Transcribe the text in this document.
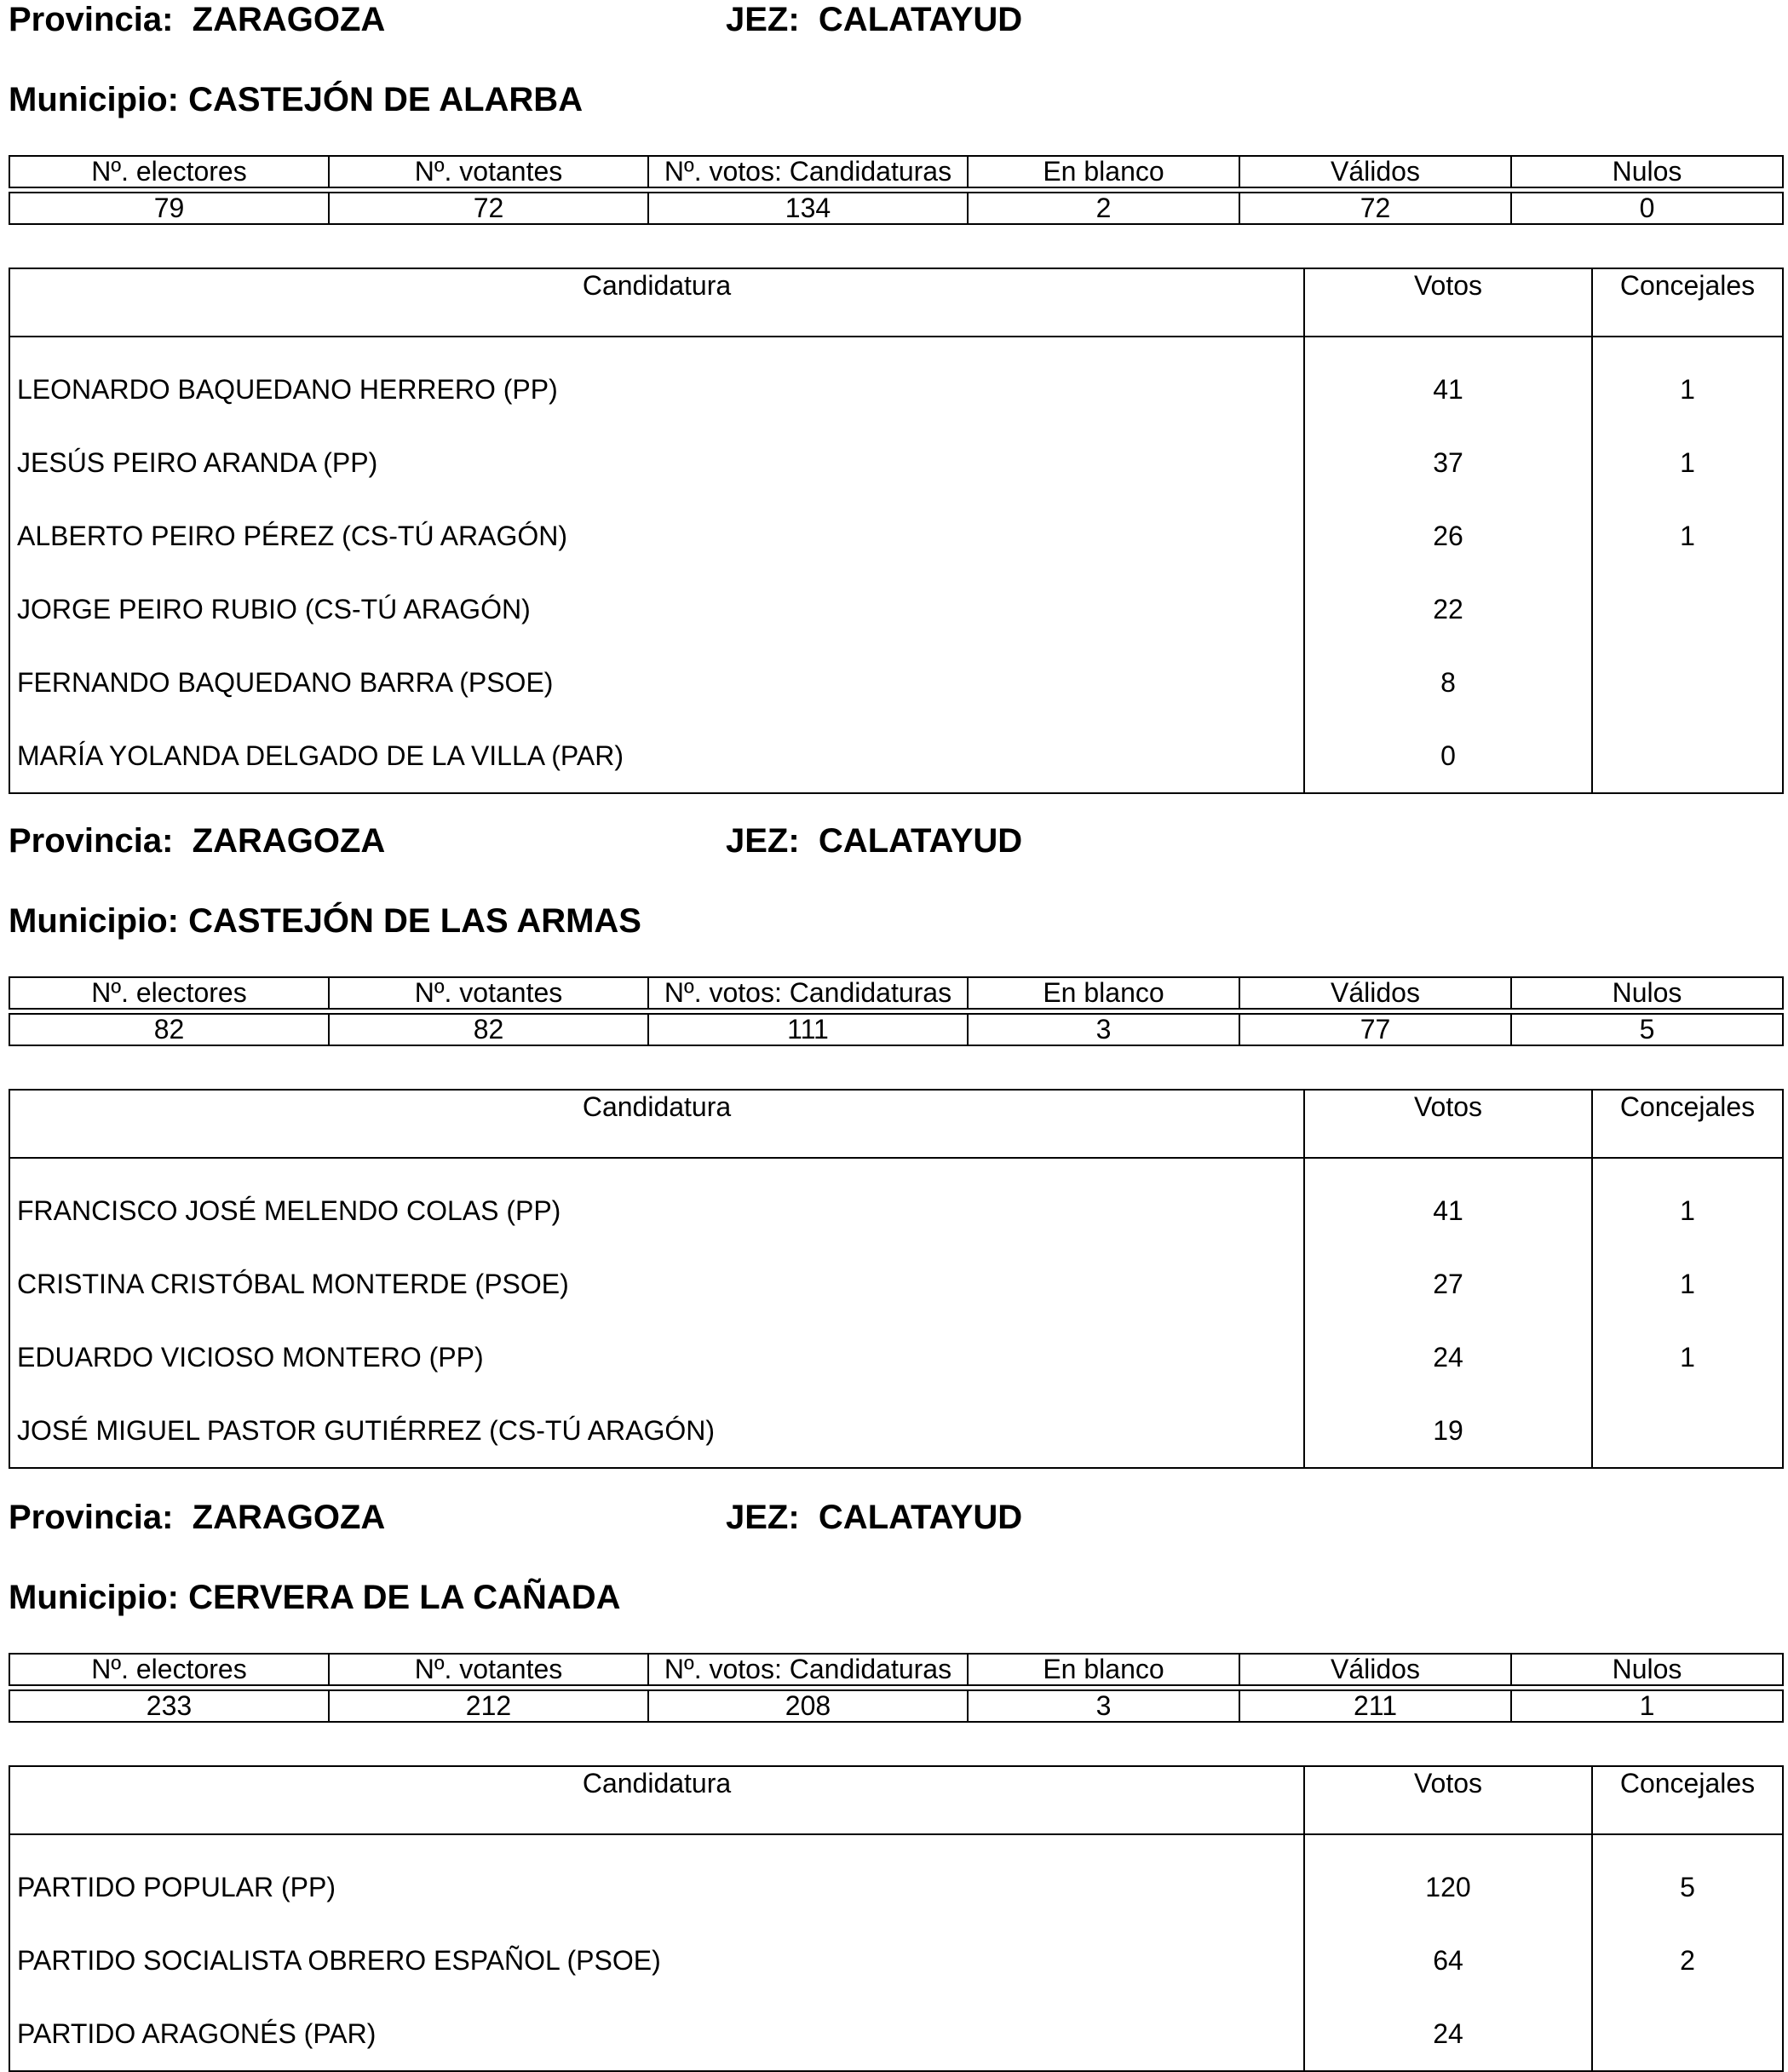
Provincia: ZARAGOZA	JEZ: CALATAYUD
Municipio: CASTEJÓN DE ALARBA
Nº. electores	Nº. votantes	Nº. votos: Candidaturas	En blanco	Válidos	Nulos

79	72	134	2	72	0
Candidatura	Votos	Concejales

LEONARDO BAQUEDANO HERRERO (PP)	41	1
JESÚS PEIRO ARANDA (PP)	37	1
ALBERTO PEIRO PÉREZ (CS-TÚ ARAGÓN)	26	1
JORGE PEIRO RUBIO (CS-TÚ ARAGÓN)	22	
FERNANDO BAQUEDANO BARRA (PSOE)	8	
MARÍA YOLANDA DELGADO DE LA VILLA (PAR)	0	
Provincia: ZARAGOZA	JEZ: CALATAYUD
Municipio: CASTEJÓN DE LAS ARMAS
Nº. electores	Nº. votantes	Nº. votos: Candidaturas	En blanco	Válidos	Nulos

82	82	111	3	77	5
Candidatura	Votos	Concejales

FRANCISCO JOSÉ MELENDO COLAS (PP)	41	1
CRISTINA CRISTÓBAL MONTERDE (PSOE)	27	1
EDUARDO VICIOSO MONTERO (PP)	24	1
JOSÉ MIGUEL PASTOR GUTIÉRREZ (CS-TÚ ARAGÓN)	19	
Provincia: ZARAGOZA	JEZ: CALATAYUD
Municipio: CERVERA DE LA CAÑADA
Nº. electores	Nº. votantes	Nº. votos: Candidaturas	En blanco	Válidos	Nulos

233	212	208	3	211	1
Candidatura	Votos	Concejales

PARTIDO POPULAR (PP)	120	5
PARTIDO SOCIALISTA OBRERO ESPAÑOL (PSOE)	64	2
PARTIDO ARAGONÉS (PAR)	24	
